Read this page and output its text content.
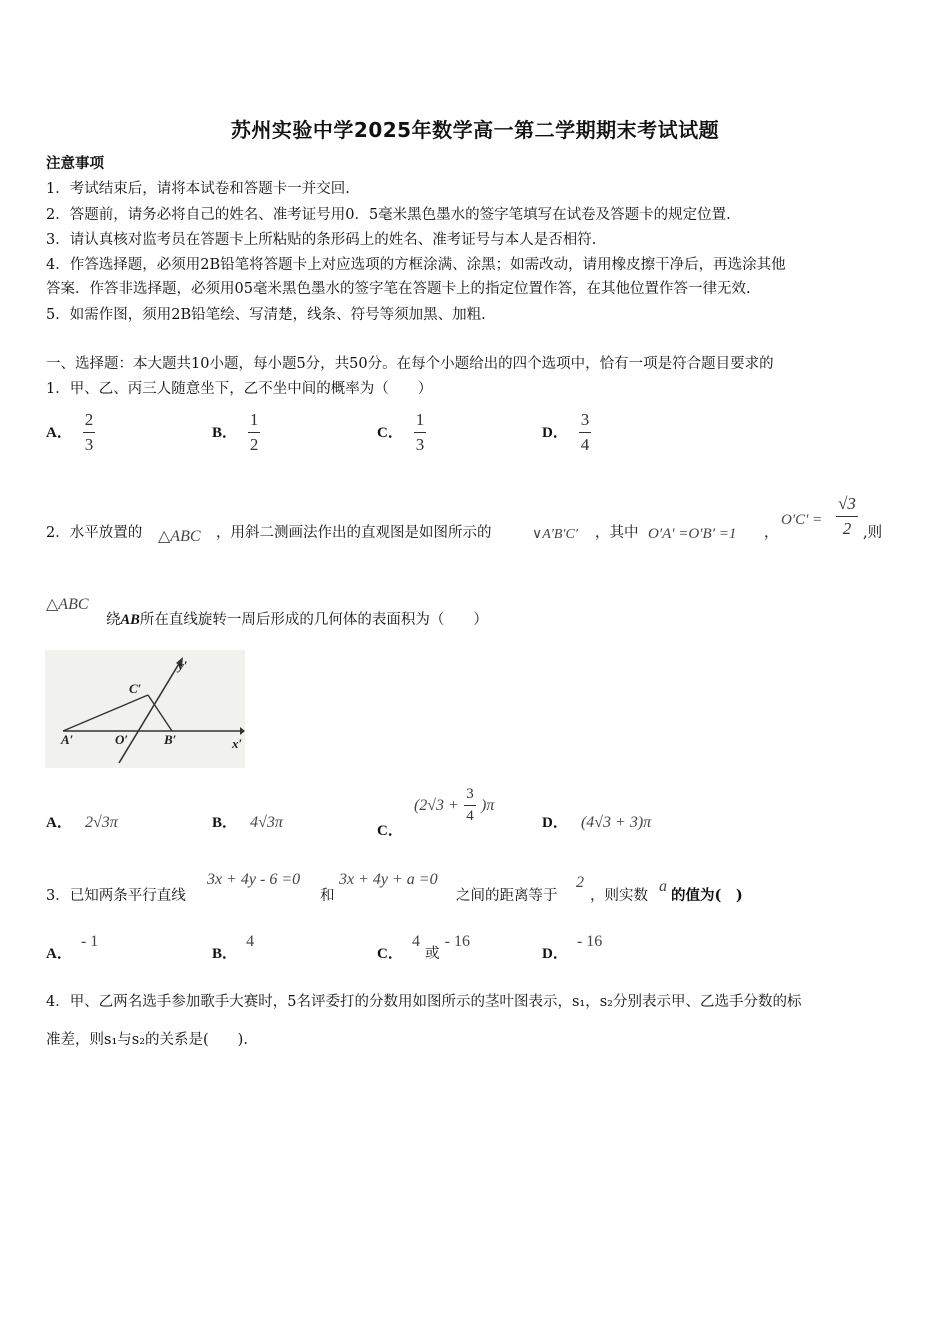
苏州实验中学2025年数学高一第二学期期末考试试题
注意事项
1．考试结束后，请将本试卷和答题卡一并交回.
2．答题前，请务必将自己的姓名、准考证号用0．5毫米黑色墨水的签字笔填写在试卷及答题卡的规定位置.
3．请认真核对监考员在答题卡上所粘贴的条形码上的姓名、准考证号与本人是否相符.
4．作答选择题，必须用2B铅笔将答题卡上对应选项的方框涂满、涂黑；如需改动，请用橡皮擦干净后，再选涂其他
答案．作答非选择题，必须用05毫米黑色墨水的签字笔在答题卡上的指定位置作答，在其他位置作答一律无效.
5．如需作图，须用2B铅笔绘、写清楚，线条、符号等须加黑、加粗.
一、选择题：本大题共10小题，每小题5分，共50分。在每个小题给出的四个选项中，恰有一项是符合题目要求的
1．甲、乙、丙三人随意坐下，乙不坐中间的概率为（　　）
A． $\frac{2}{3}$	B． $\frac{1}{2}$	C． $\frac{1}{3}$	D． $\frac{3}{4}$
2．水平放置的 △ABC ，用斜二测画法作出的直观图是如图所示的	∨A′B′C′ ，其中 O′A′ =O′B′ =1 ，
O′C′ =
√3
2 ,则
△ABC
绕AB所在直线旋转一周后形成的几何体的表面积为（　　）
y′
x′
C′
A′	O′	B′
A． 2√3π	B． 4√3π	C． $(2√3 + \frac{3}{4} )\pi$
D． (4√3 + 3)π
3．已知两条平行直线
3x + 4y - 6 =0
和
3x + 4y + a =0
之间的距离等于
2
，则实数
a
的值为(　)
A． - 1
B． 4
C． 4 或 - 16
D． - 16
4．甲、乙两名选手参加歌手大赛时，5名评委打的分数用如图所示的茎叶图表示，s₁，s₂分别表示甲、乙选手分数的标
准差，则s₁与s₂的关系是(　　).
